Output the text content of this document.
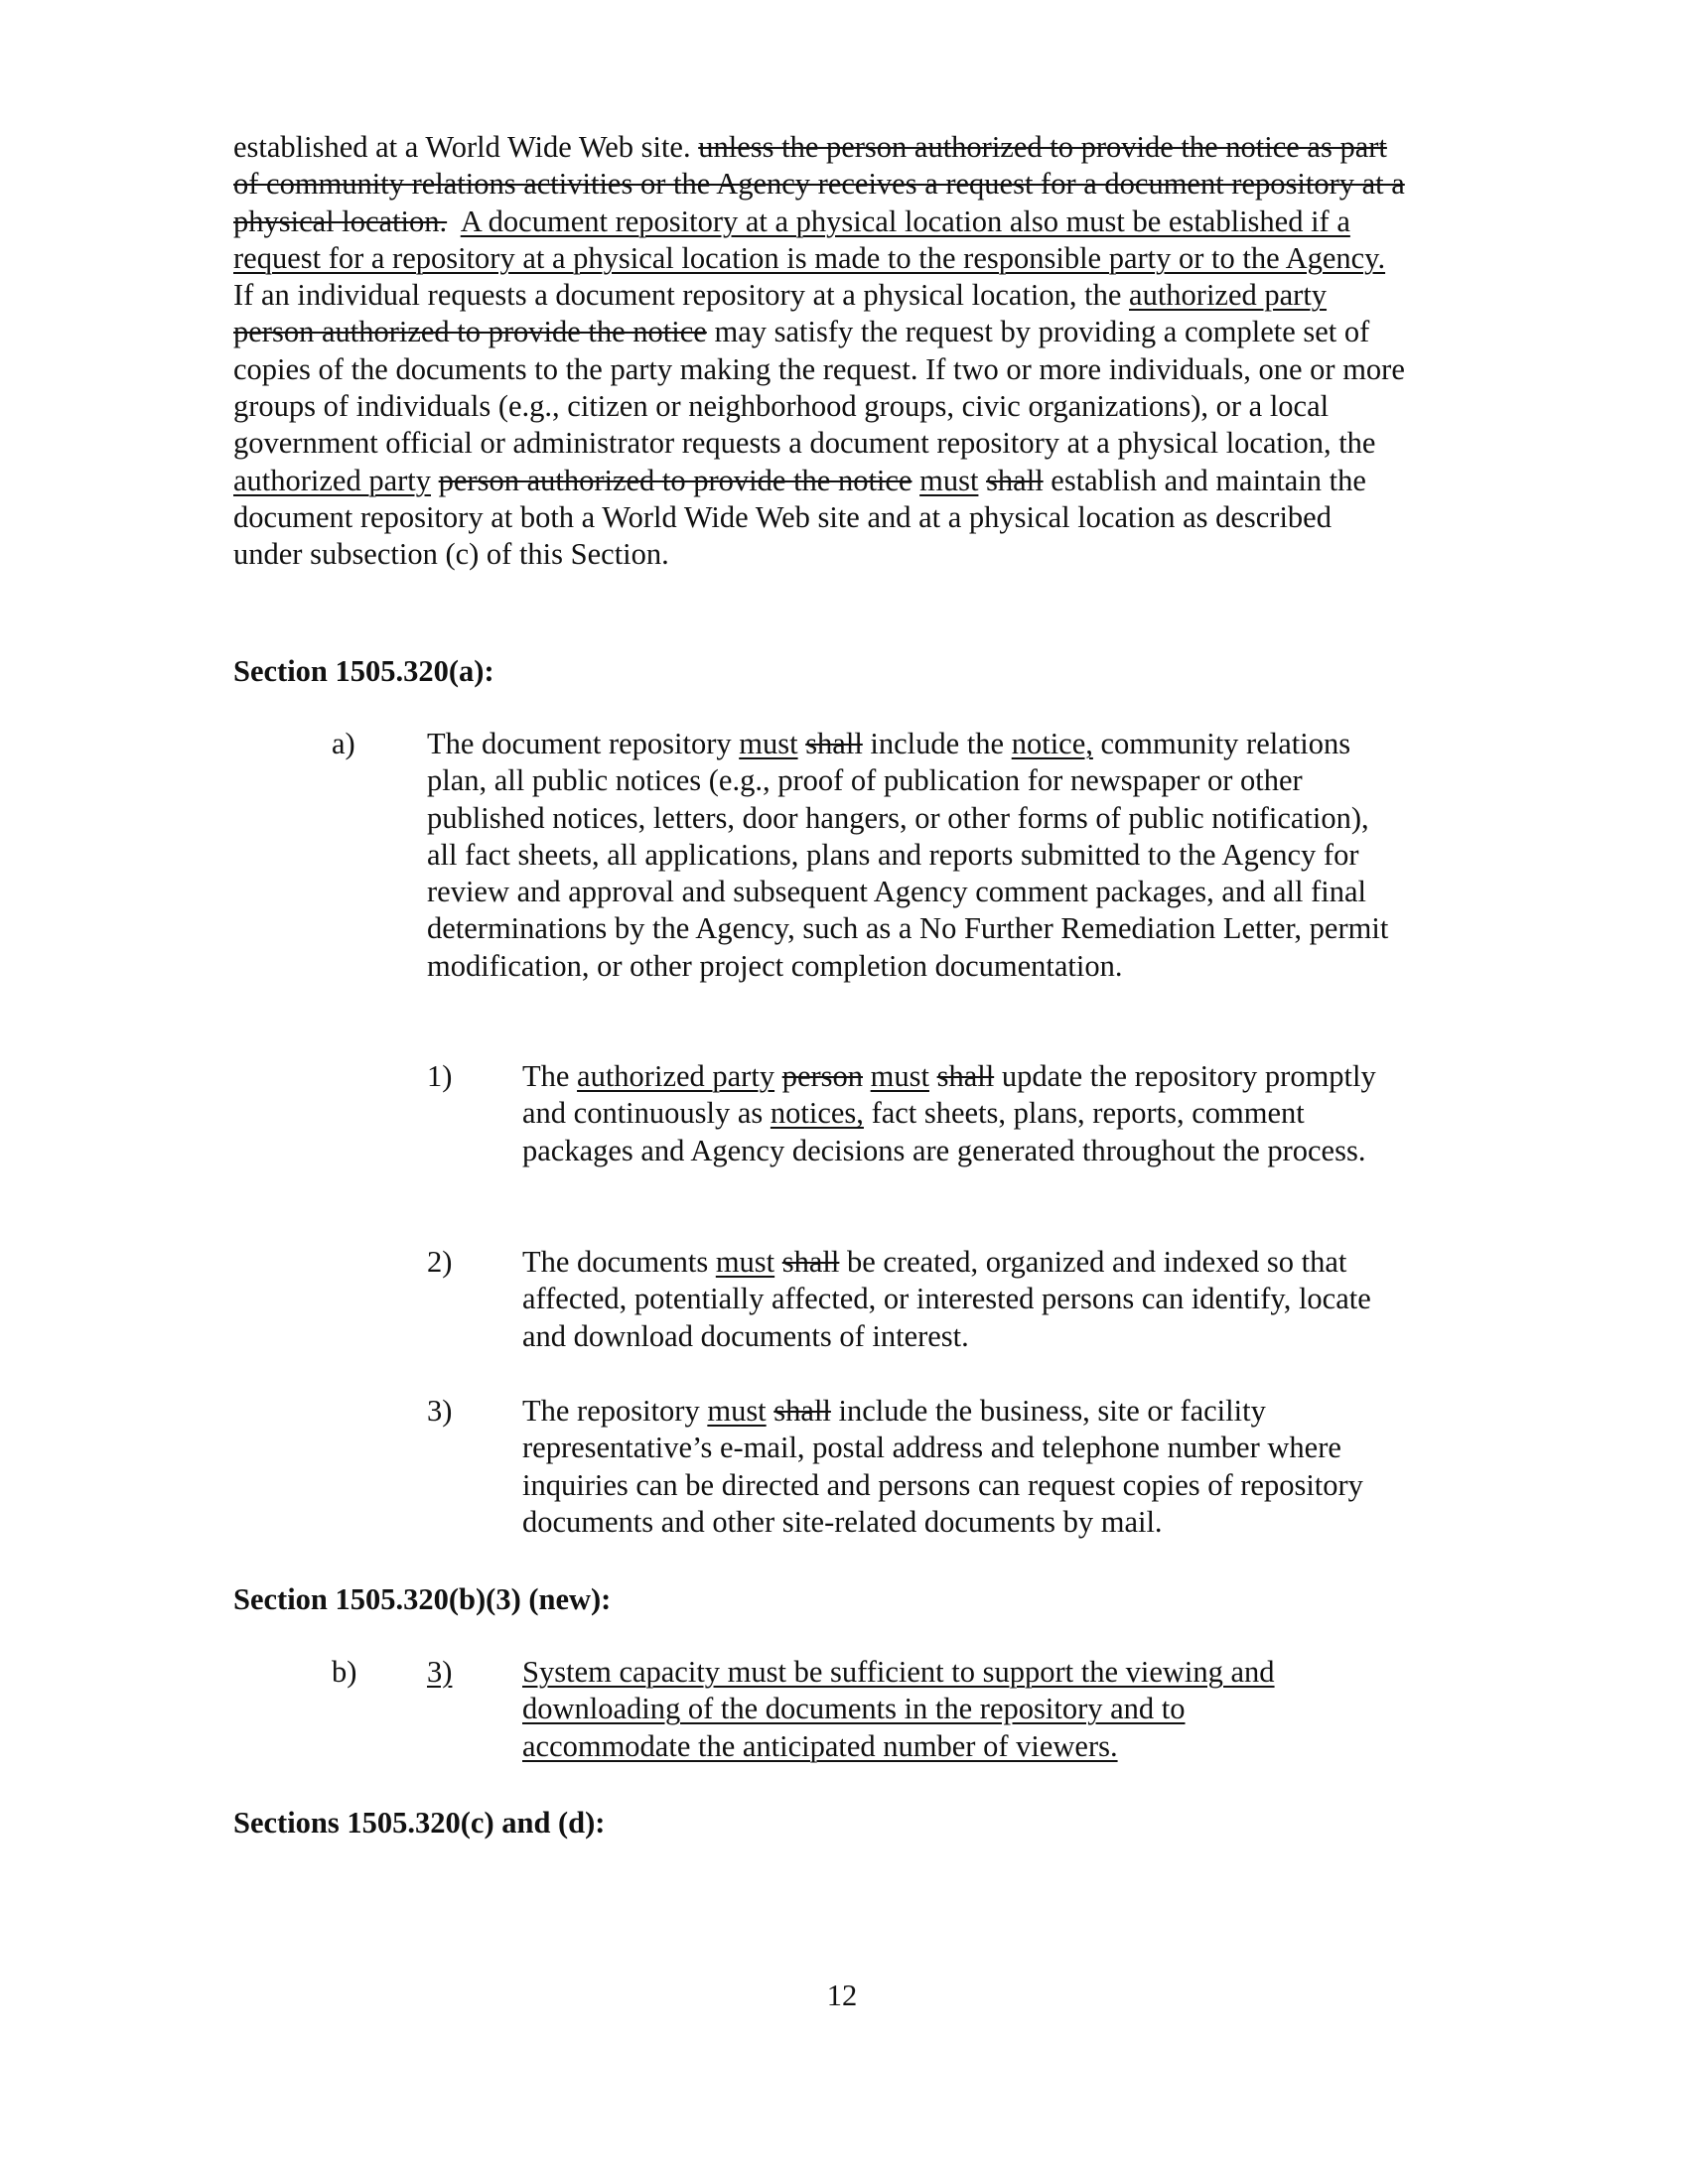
established at a World Wide Web site. unless the person authorized to provide the notice as part of community relations activities or the Agency receives a request for a document repository at a physical location. A document repository at a physical location also must be established if a request for a repository at a physical location is made to the responsible party or to the Agency.  If an individual requests a document repository at a physical location, the authorized party person authorized to provide the notice may satisfy the request by providing a complete set of copies of the documents to the party making the request. If two or more individuals, one or more groups of individuals (e.g., citizen or neighborhood groups, civic organizations), or a local government official or administrator requests a document repository at a physical location, the authorized party person authorized to provide the notice must shall establish and maintain the document repository at both a World Wide Web site and at a physical location as described under subsection (c) of this Section.

Section 1505.320(a):
a) The document repository must shall include the notice, community relations plan, all public notices (e.g., proof of publication for newspaper or other published notices, letters, door hangers, or other forms of public notification), all fact sheets, all applications, plans and reports submitted to the Agency for review and approval and subsequent Agency comment packages, and all final determinations by the Agency, such as a No Further Remediation Letter, permit modification, or other project completion documentation.

1) The authorized party person must shall update the repository promptly and continuously as notices, fact sheets, plans, reports, comment packages and Agency decisions are generated throughout the process.

2) The documents must shall be created, organized and indexed so that affected, potentially affected, or interested persons can identify, locate and download documents of interest.

3) The repository must shall include the business, site or facility representative’s e-mail, postal address and telephone number where inquiries can be directed and persons can request copies of repository documents and other site-related documents by mail.

Section 1505.320(b)(3) (new):
b) 3)	System capacity must be sufficient to support the viewing and downloading of the documents in the repository and to accommodate the anticipated number of viewers.

Sections 1505.320(c) and (d):
12
